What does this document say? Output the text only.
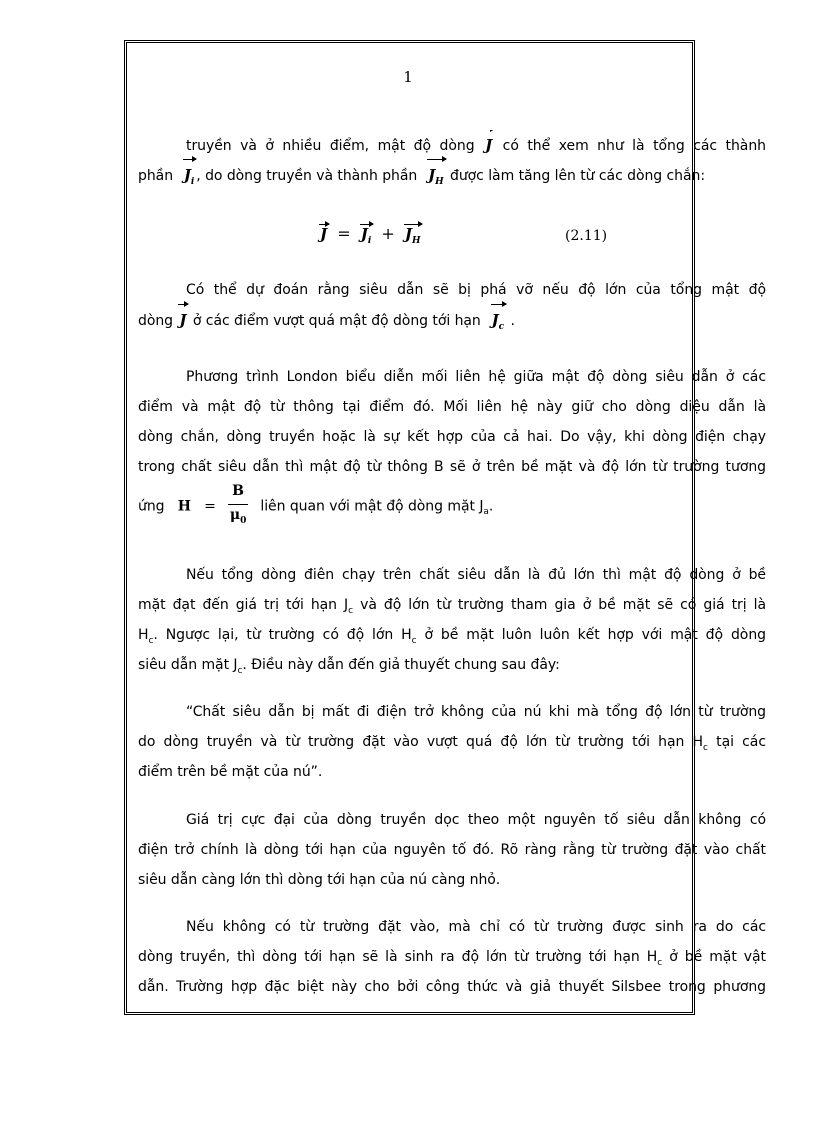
1
truyền và ở nhiều điểm, mật độ dòng J có thể xem như là tổng các thành
phần $J_i$ , do dòng truyền và thành phần $J_H$ được làm tăng lên từ các dòng chắn:
$J = J_i + J_H$	(2.11)
Có thể dự đoán rằng siêu dẫn sẽ bị phá vỡ nếu độ lớn của tổng mật độ
dòng J ở các điểm vượt quá mật độ dòng tới hạn $J_c$ .
Phương trình London biểu diễn mối liên hệ giữa mật độ dòng siêu dẫn ở các
điểm và mật độ từ thông tại điểm đó. Mối liên hệ này giữ cho dòng diệu dẫn là
dòng chắn, dòng truyền hoặc là sự kết hợp của cả hai. Do vậy, khi dòng điện chạy
trong chất siêu dẫn thì mật độ từ thông B sẽ ở trên bề mặt và độ lớn từ trường tương
ứng $H = \frac{B}{\mu_0}$ liên quan với mật độ dòng mặt $J_a$.
Nếu tổng dòng điên chạy trên chất siêu dẫn là đủ lớn thì mật độ dòng ở bề
mặt đạt đến giá trị tới hạn $J_c$ và độ lớn từ trường tham gia ở bề mặt sẽ có giá trị là
$H_c$. Ngược lại, từ trường có độ lớn $H_c$ ở bề mặt luôn luôn kết hợp với mật độ dòng
siêu dẫn mặt $J_c$. Điều này dẫn đến giả thuyết chung sau đây:
“Chất siêu dẫn bị mất đi điện trở không của nú khi mà tổng độ lớn từ trường
do dòng truyền và từ trường đặt vào vượt quá độ lớn từ trường tới hạn $H_c$ tại các
điểm trên bề mặt của nú”.
Giá trị cực đại của dòng truyền dọc theo một nguyên tố siêu dẫn không có
điện trở chính là dòng tới hạn của nguyên tố đó. Rõ ràng rằng từ trường đặt vào chất
siêu dẫn càng lớn thì dòng tới hạn của nú càng nhỏ.
Nếu không có từ trường đặt vào, mà chỉ có từ trường được sinh ra do các
dòng truyền, thì dòng tới hạn sẽ là sinh ra độ lớn từ trường tới hạn $H_c$ ở bề mặt vật
dẫn. Trường hợp đặc biệt này cho bởi công thức và giả thuyết Silsbee trong phương
